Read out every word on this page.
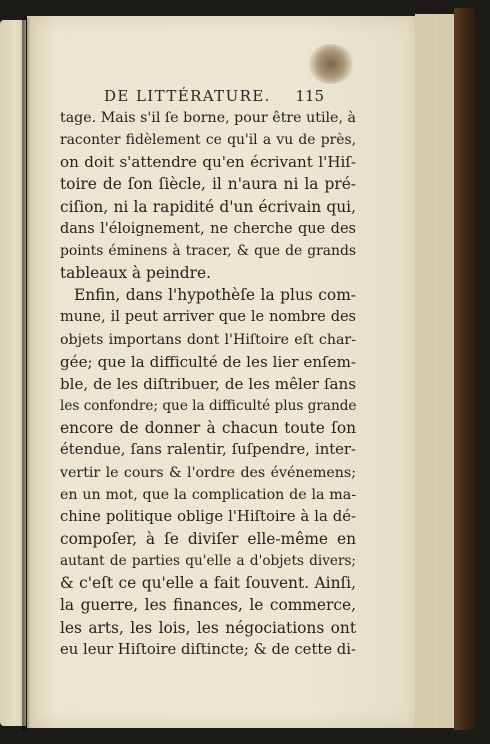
DE LITTÉRATURE. 115
tage. Mais s'il ſe borne, pour être utile, à
raconter fidèlement ce qu'il a vu de près,
on doit s'attendre qu'en écrivant l'Hiſ-
toire de ſon ſiècle, il n'aura ni la pré-
ciſion, ni la rapidité d'un écrivain qui,
dans l'éloignement, ne cherche que des
points éminens à tracer, & que de grands
tableaux à peindre.
Enfin, dans l'hypothèſe la plus com-
mune, il peut arriver que le nombre des
objets importans dont l'Hiſtoire eſt char-
gée; que la difficulté de les lier enſem-
ble, de les diſtribuer, de les mêler ſans
les confondre; que la difficulté plus grande
encore de donner à chacun toute ſon
étendue, ſans ralentir, ſuſpendre, inter-
vertir le cours & l'ordre des événemens;
en un mot, que la complication de la ma-
chine politique oblige l'Hiſtoire à la dé-
compoſer, à ſe diviſer elle-même en
autant de parties qu'elle a d'objets divers;
& c'eſt ce qu'elle a fait ſouvent. Ainſi,
la guerre, les finances, le commerce,
les arts, les lois, les négociations ont
eu leur Hiſtoire diſtincte; & de cette di-
